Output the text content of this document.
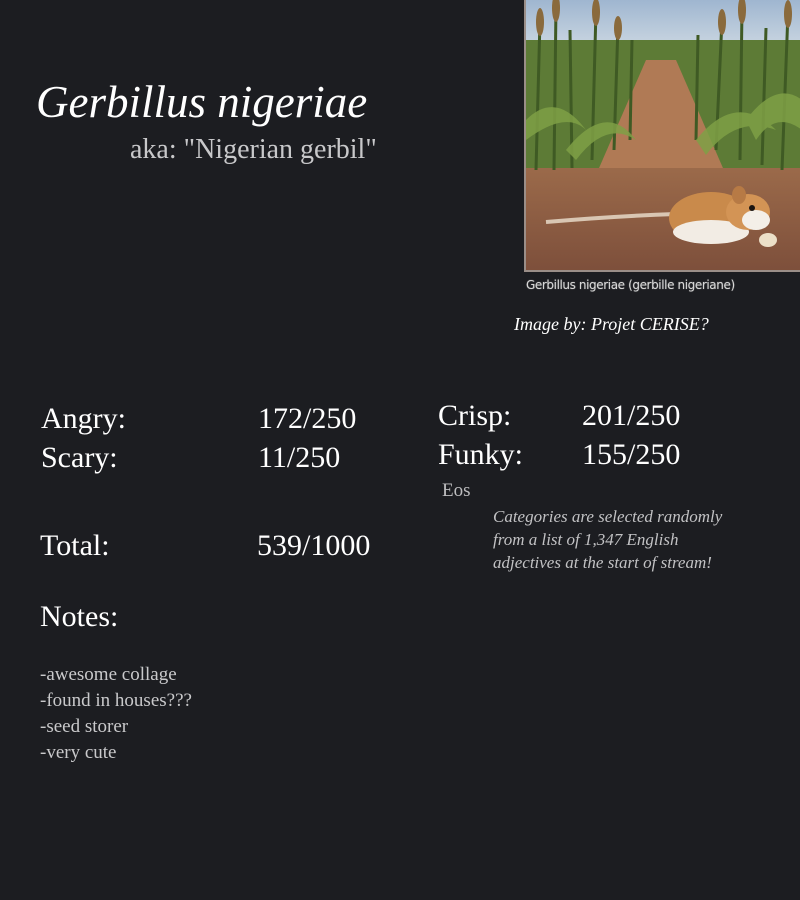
Gerbillus nigeriae
aka: "Nigerian gerbil"
Gerbillus nigeriae (gerbille nigeriane)
Image by: Projet CERISE?
Angry:	172/250
Scary:	11/250
Crisp: 201/250
Funky: 155/250
Eos
Total:	539/1000
Categories are selected randomly
from a list of 1,347 English
adjectives at the start of stream!
Notes:
-awesome collage
-found in houses???
-seed storer
-very cute
